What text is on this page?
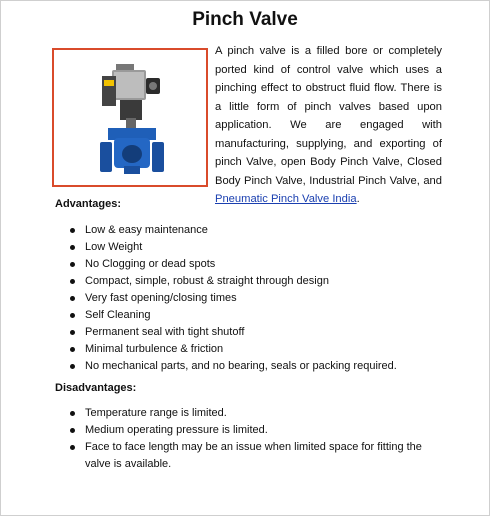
Pinch Valve
A pinch valve is a filled bore or completely ported kind of control valve which uses a pinching effect to obstruct fluid flow. There is a little form of pinch valves based upon application. We are engaged with manufacturing, supplying, and exporting of pinch Valve, open Body Pinch Valve, Closed Body Pinch Valve, Industrial Pinch Valve, and Pneumatic Pinch Valve India.
Advantages:
Low & easy maintenance
Low Weight
No Clogging or dead spots
Compact, simple, robust & straight through design
Very fast opening/closing times
Self Cleaning
Permanent seal with tight shutoff
Minimal turbulence & friction
No mechanical parts, and no bearing, seals or packing required.
Disadvantages:
Temperature range is limited.
Medium operating pressure is limited.
Face to face length may be an issue when limited space for fitting the valve is available.
